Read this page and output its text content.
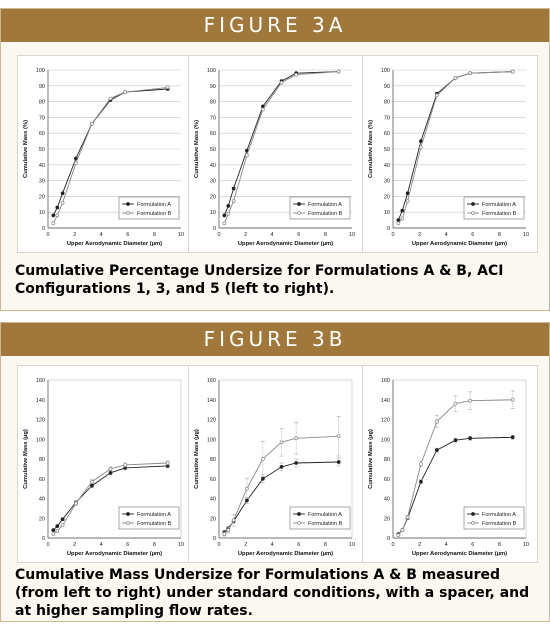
FIGURE 3A
0
10
20
30
40
50
60
70
80
90
100
0	2	4	6	8	10
Upper Aerodynamic Diameter (µm)
Cumulative Mass (%)
Formulation A
Formulation B
0
10
20
30
40
50
60
70
80
90
100
0	2	4	6	8	10
Upper Aerodynamic Diameter (µm)
Cumulative Mass (%)
Formulation A
Formulation B
0
10
20
30
40
50
60
70
80
90
100
0	2	4	6	8	10
Upper Aerodynamic Diameter (µm)
Cumulative Mass (%)
Formulation A
Formulation B
Cumulative Percentage Undersize for Formulations A & B, ACI Configurations 1, 3, and 5 (left to right).
FIGURE 3B
0
20
40
60
80
100
120
140
160
0	2	4	6	8	10
Upper Aerodynamic Diameter (µm)
Cumulative Mass (µg)
Formulation A
Formulation B
0
20
40
60
80
100
120
140
160
0	2	4	6	8	10
Upper Aerodynamic Diameter (µm)
Cumulative Mass (µg)
Formulation A
Formulation B
0
20
40
60
80
100
120
140
160
0	2	4	6	8	10
Upper Aerodynamic Diameter (µm)
Cumulative Mass (µg)
Formulation A
Formulation B
Cumulative Mass Undersize for Formulations A & B measured (from left to right) under standard conditions, with a spacer, and at higher sampling flow rates.
